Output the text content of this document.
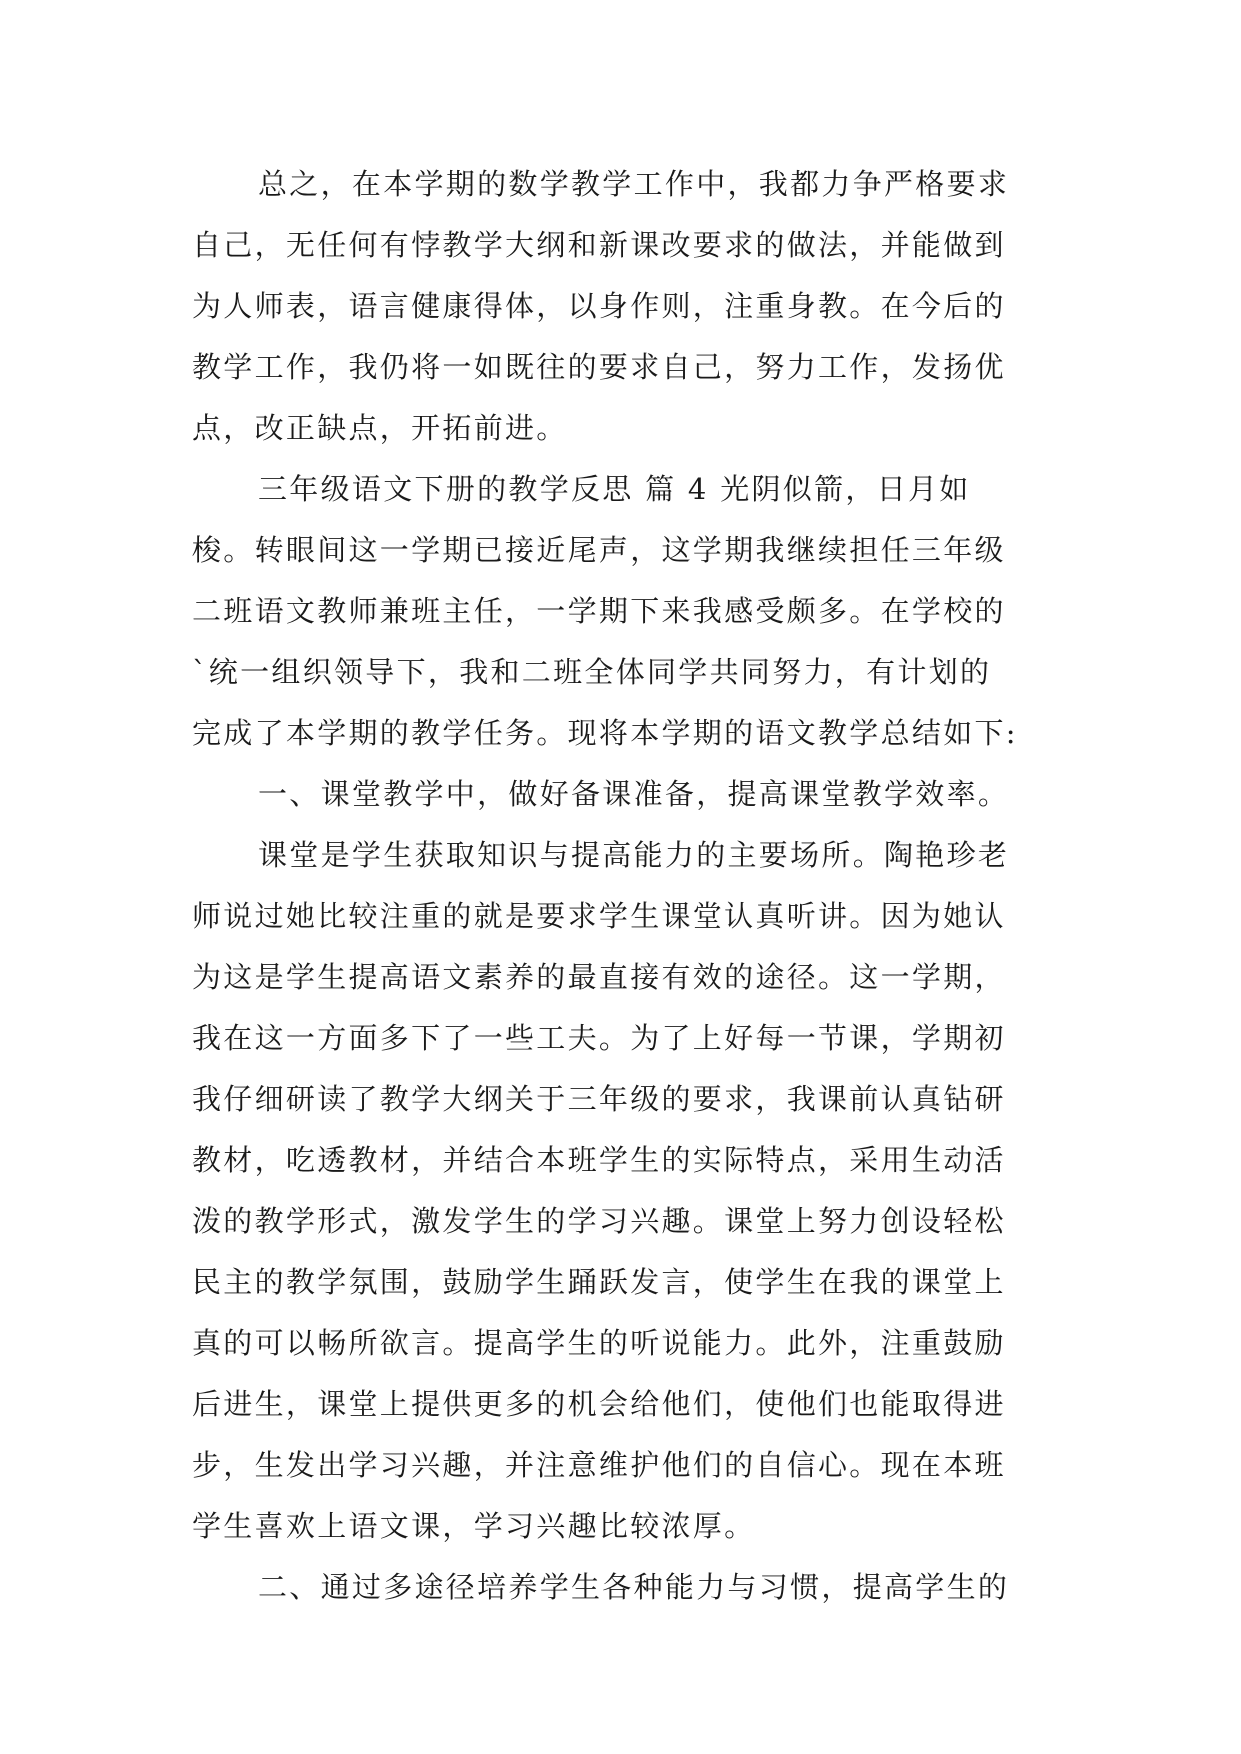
总之，在本学期的数学教学工作中，我都力争严格要求
自己，无任何有悖教学大纲和新课改要求的做法，并能做到
为人师表，语言健康得体，以身作则，注重身教。在今后的
教学工作，我仍将一如既往的要求自己，努力工作，发扬优
点，改正缺点，开拓前进。
三年级语文下册的教学反思 篇 4 光阴似箭，日月如
梭。转眼间这一学期已接近尾声，这学期我继续担任三年级
二班语文教师兼班主任，一学期下来我感受颇多。在学校的
`统一组织领导下，我和二班全体同学共同努力，有计划的
完成了本学期的教学任务。现将本学期的语文教学总结如下:
一、课堂教学中，做好备课准备，提高课堂教学效率。
课堂是学生获取知识与提高能力的主要场所。陶艳珍老
师说过她比较注重的就是要求学生课堂认真听讲。因为她认
为这是学生提高语文素养的最直接有效的途径。这一学期，
我在这一方面多下了一些工夫。为了上好每一节课，学期初
我仔细研读了教学大纲关于三年级的要求，我课前认真钻研
教材，吃透教材，并结合本班学生的实际特点，采用生动活
泼的教学形式，激发学生的学习兴趣。课堂上努力创设轻松
民主的教学氛围，鼓励学生踊跃发言，使学生在我的课堂上
真的可以畅所欲言。提高学生的听说能力。此外，注重鼓励
后进生，课堂上提供更多的机会给他们，使他们也能取得进
步，生发出学习兴趣，并注意维护他们的自信心。现在本班
学生喜欢上语文课，学习兴趣比较浓厚。
二、通过多途径培养学生各种能力与习惯，提高学生的
